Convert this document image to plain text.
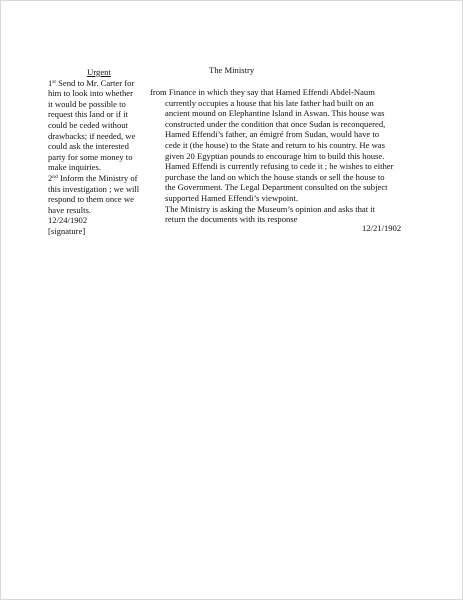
Urgent
1st Send to Mr. Carter for
him to look into whether
it would be possible to
request this land or if it
could be ceded without
drawbacks; if needed, we
could ask the interested
party for some money to
make inquiries.
2nd Inform the Ministry of
this investigation ; we will
respond to them once we
have results.
12/24/1902
[signature]
The Ministry
from Finance in which they say that Hamed Effendi Abdel-Naum
currently occupies a house that his late father had built on an
ancient mound on Elephantine Island in Aswan. This house was
constructed under the condition that once Sudan is reconquered,
Hamed Effendi’s father, an émigré from Sudan, would have to
cede it (the house) to the State and return to his country. He was
given 20 Egyptian pounds to encourage him to build this house.
Hamed Effendi is currently refusing to cede it ; he wishes to either
purchase the land on which the house stands or sell the house to
the Government. The Legal Department consulted on the subject
supported Hamed Effendi’s viewpoint.
The Ministry is asking the Museum’s opinion and asks that it
return the documents with its response
12/21/1902
